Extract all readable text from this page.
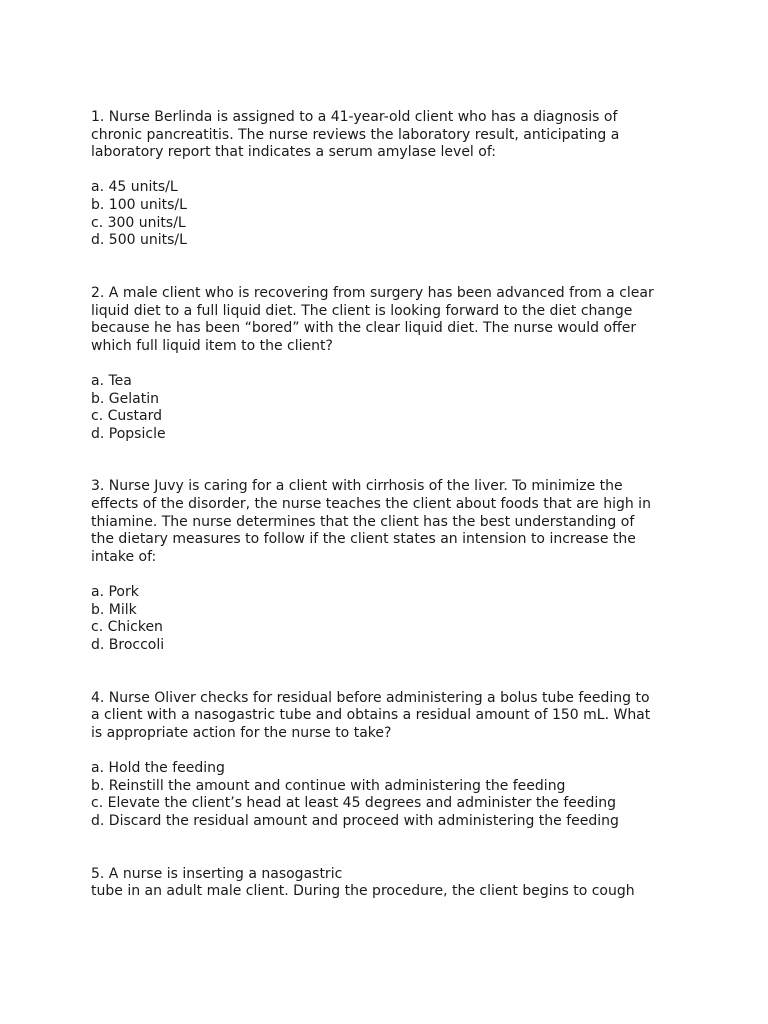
1. Nurse Berlinda is assigned to a 41-year-old client who has a diagnosis of
chronic pancreatitis. The nurse reviews the laboratory result, anticipating a
laboratory report that indicates a serum amylase level of:
a. 45 units/L
b. 100 units/L
c. 300 units/L
d. 500 units/L
2. A male client who is recovering from surgery has been advanced from a clear
liquid diet to a full liquid diet. The client is looking forward to the diet change
because he has been “bored” with the clear liquid diet. The nurse would offer
which full liquid item to the client?
a. Tea
b. Gelatin
c. Custard
d. Popsicle
3. Nurse Juvy is caring for a client with cirrhosis of the liver. To minimize the
effects of the disorder, the nurse teaches the client about foods that are high in
thiamine. The nurse determines that the client has the best understanding of
the dietary measures to follow if the client states an intension to increase the
intake of:
a. Pork
b. Milk
c. Chicken
d. Broccoli
4. Nurse Oliver checks for residual before administering a bolus tube feeding to
a client with a nasogastric tube and obtains a residual amount of 150 mL. What
is appropriate action for the nurse to take?
a. Hold the feeding
b. Reinstill the amount and continue with administering the feeding
c. Elevate the client’s head at least 45 degrees and administer the feeding
d. Discard the residual amount and proceed with administering the feeding
5. A nurse is inserting a nasogastric
tube in an adult male client. During the procedure, the client begins to cough
